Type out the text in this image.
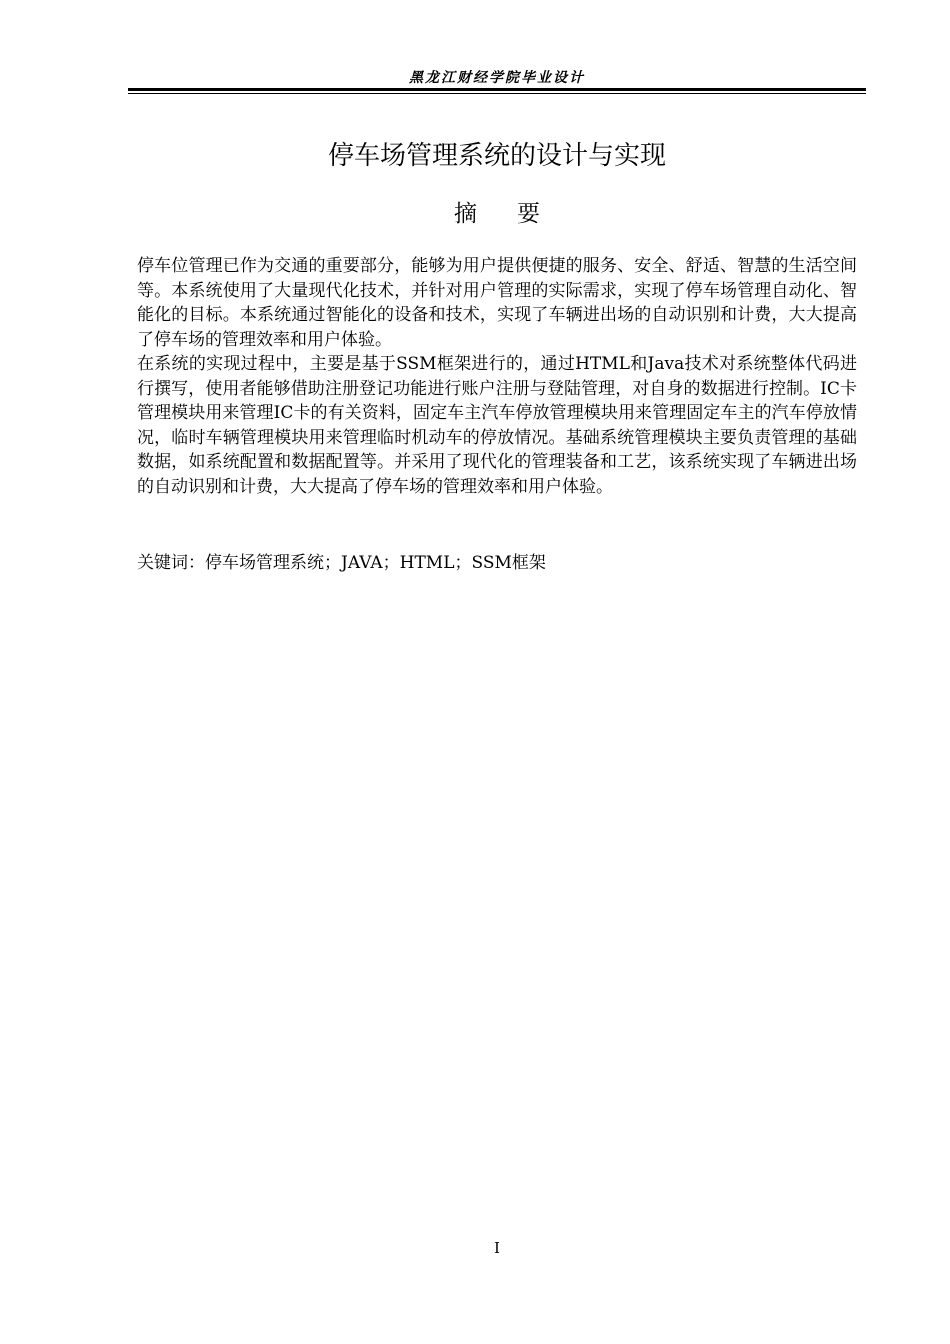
黑龙江财经学院毕业设计
停车场管理系统的设计与实现
摘要

停车位管理已作为交通的重要部分，能够为用户提供便捷的服务、安全、舒适、智慧的生活空间等。本系统使用了大量现代化技术，并针对用户管理的实际需求，实现了停车场管理自动化、智能化的目标。本系统通过智能化的设备和技术，实现了车辆进出场的自动识别和计费，大大提高了停车场的管理效率和用户体验。

在系统的实现过程中，主要是基于SSM框架进行的，通过HTML和Java技术对系统整体代码进行撰写，使用者能够借助注册登记功能进行账户注册与登陆管理，对自身的数据进行控制。IC卡管理模块用来管理IC卡的有关资料，固定车主汽车停放管理模块用来管理固定车主的汽车停放情况，临时车辆管理模块用来管理临时机动车的停放情况。基础系统管理模块主要负责管理的基础数据，如系统配置和数据配置等。并采用了现代化的管理装备和工艺，该系统实现了车辆进出场的自动识别和计费，大大提高了停车场的管理效率和用户体验。

关键词：停车场管理系统；JAVA；HTML；SSM框架
I
